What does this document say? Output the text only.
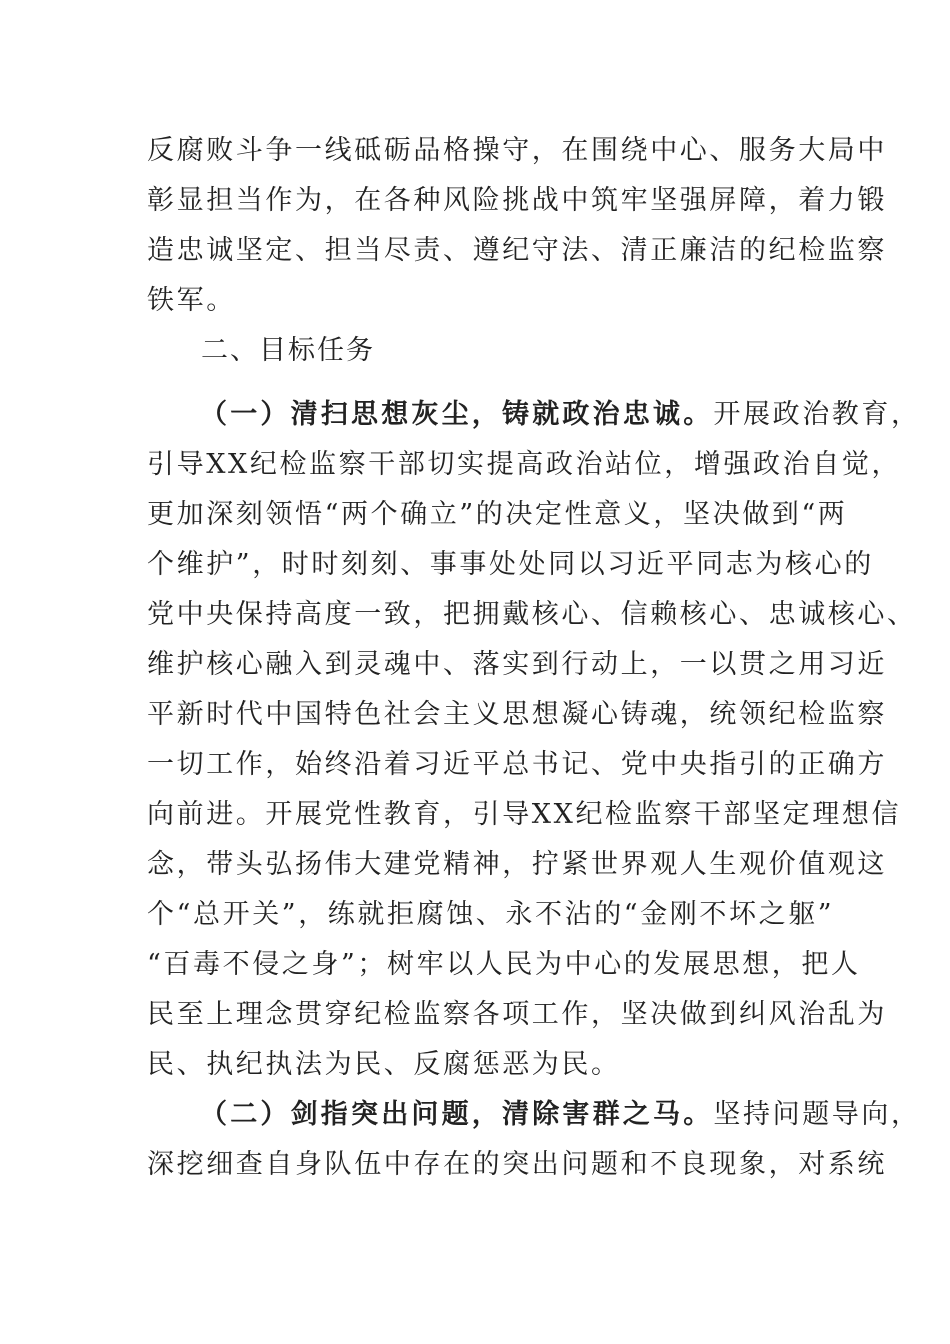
反腐败斗争一线砥砺品格操守，在围绕中心、服务大局中
彰显担当作为，在各种风险挑战中筑牢坚强屏障，着力锻
造忠诚坚定、担当尽责、遵纪守法、清正廉洁的纪检监察
铁军。
二、目标任务
（一）清扫思想灰尘，铸就政治忠诚。开展政治教育，
引导XX纪检监察干部切实提高政治站位，增强政治自觉，
更加深刻领悟“两个确立”的决定性意义，坚决做到“两
个维护”，时时刻刻、事事处处同以习近平同志为核心的
党中央保持高度一致，把拥戴核心、信赖核心、忠诚核心、
维护核心融入到灵魂中、落实到行动上，一以贯之用习近
平新时代中国特色社会主义思想凝心铸魂，统领纪检监察
一切工作，始终沿着习近平总书记、党中央指引的正确方
向前进。开展党性教育，引导XX纪检监察干部坚定理想信
念，带头弘扬伟大建党精神，拧紧世界观人生观价值观这
个“总开关”，练就拒腐蚀、永不沾的“金刚不坏之躯”
“百毒不侵之身”；树牢以人民为中心的发展思想，把人
民至上理念贯穿纪检监察各项工作，坚决做到纠风治乱为
民、执纪执法为民、反腐惩恶为民。
（二）剑指突出问题，清除害群之马。坚持问题导向，
深挖细查自身队伍中存在的突出问题和不良现象，对系统
